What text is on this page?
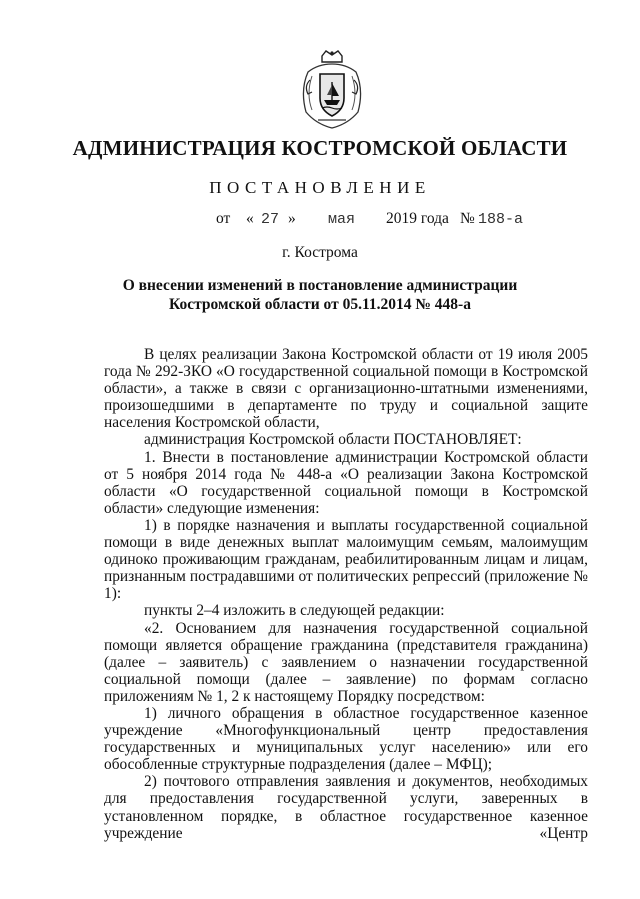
АДМИНИСТРАЦИЯ КОСТРОМСКОЙ ОБЛАСТИ
ПОСТАНОВЛЕНИЕ
от « 27 » мая 2019 года № 188-а
г. Кострома
О внесении изменений в постановление администрации
Костромской области от 05.11.2014 № 448-а

В целях реализации Закона Костромской области от 19 июля 2005 года № 292-ЗКО «О государственной социальной помощи в Костромской области», а также в связи с организационно-штатными изменениями, произошедшими в департаменте по труду и социальной защите населения Костромской области,

администрация Костромской области ПОСТАНОВЛЯЕТ:

1. Внести в постановление администрации Костромской области от 5 ноября 2014 года № 448-а «О реализации Закона Костромской области «О государственной социальной помощи в Костромской области» следующие изменения:

1) в порядке назначения и выплаты государственной социальной помощи в виде денежных выплат малоимущим семьям, малоимущим одиноко проживающим гражданам, реабилитированным лицам и лицам, признанным пострадавшими от политических репрессий (приложение № 1):

пункты 2–4 изложить в следующей редакции:

«2. Основанием для назначения государственной социальной помощи является обращение гражданина (представителя гражданина) (далее – заявитель) с заявлением о назначении государственной социальной помощи (далее – заявление) по формам согласно приложениям № 1, 2 к настоящему Порядку посредством:

1) личного обращения в областное государственное казенное учреждение «Многофункциональный центр предоставления государственных и муниципальных услуг населению» или его обособленные структурные подразделения (далее – МФЦ);

2) почтового отправления заявления и документов, необходимых для предоставления государственной услуги, заверенных в установленном порядке, в областное государственное казенное учреждение «Центр
